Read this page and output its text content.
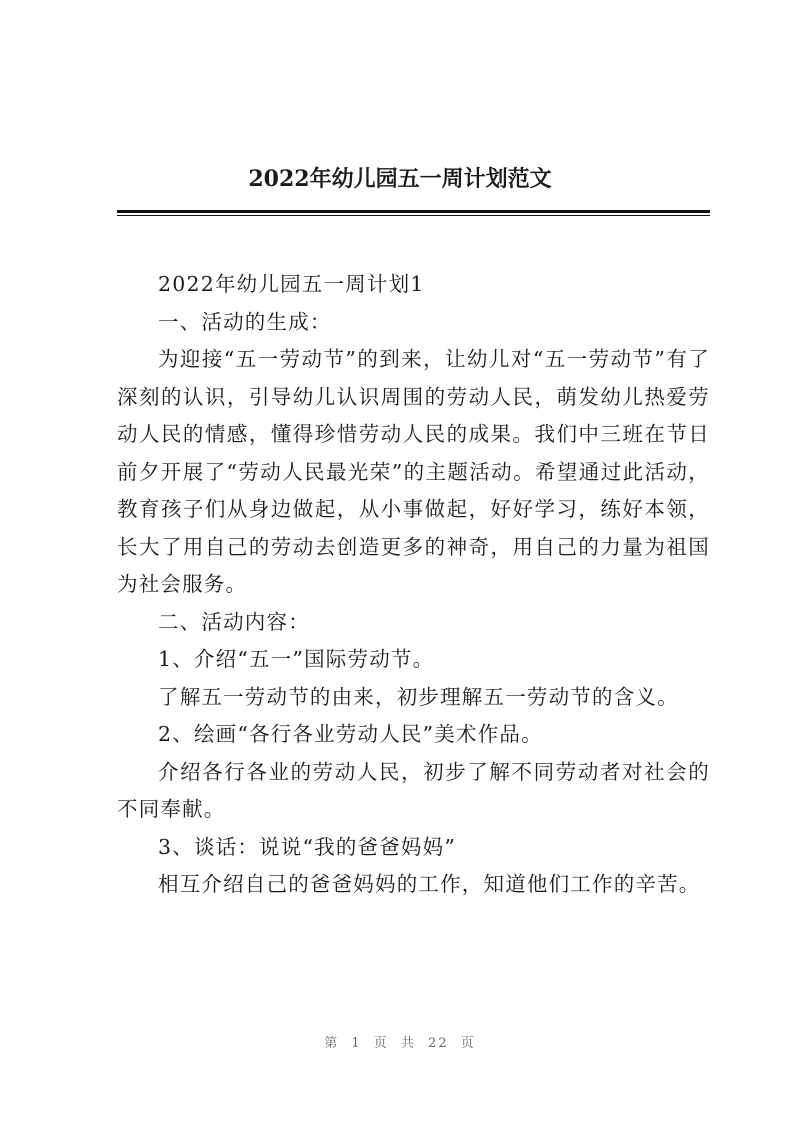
2022年幼儿园五一周计划范文

2022年幼儿园五一周计划1

一、活动的生成：

为迎接“五一劳动节”的到来，让幼儿对“五一劳动节”有了深刻的认识，引导幼儿认识周围的劳动人民，萌发幼儿热爱劳动人民的情感，懂得珍惜劳动人民的成果。我们中三班在节日前夕开展了“劳动人民最光荣”的主题活动。希望通过此活动，教育孩子们从身边做起，从小事做起，好好学习，练好本领，长大了用自己的劳动去创造更多的神奇，用自己的力量为祖国为社会服务。

二、活动内容：

1、介绍“五一”国际劳动节。

了解五一劳动节的由来，初步理解五一劳动节的含义。

2、绘画“各行各业劳动人民”美术作品。

介绍各行各业的劳动人民，初步了解不同劳动者对社会的不同奉献。

3、谈话：说说“我的爸爸妈妈”

相互介绍自己的爸爸妈妈的工作，知道他们工作的辛苦。

第 1 页 共 22 页
